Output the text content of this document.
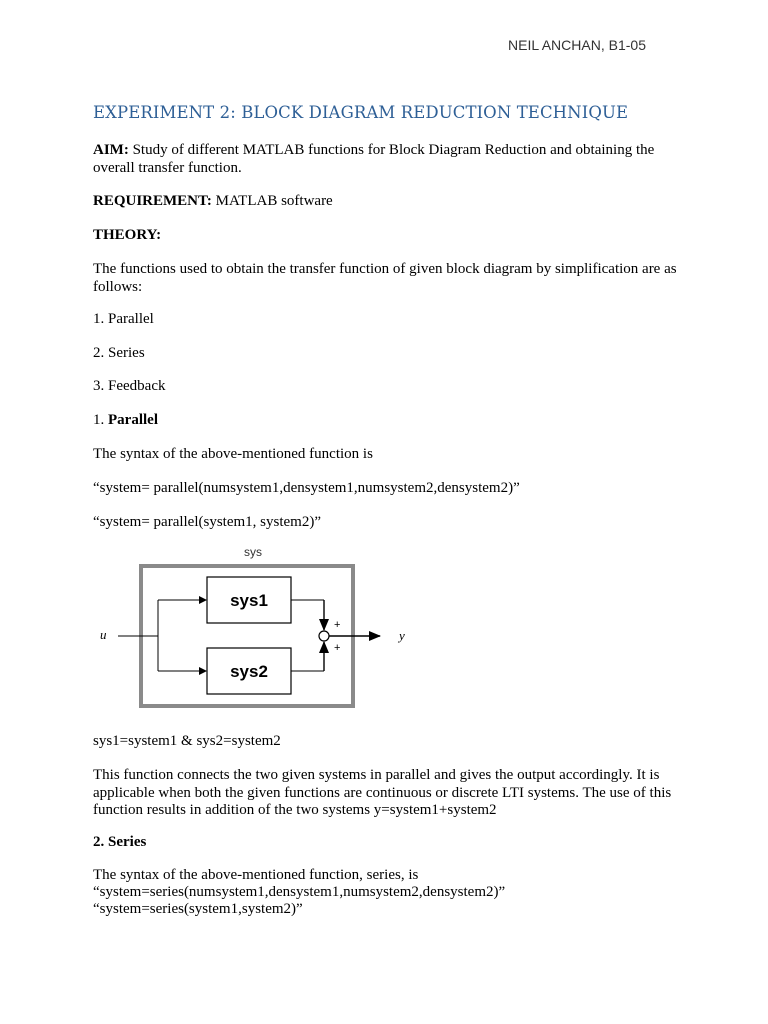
NEIL ANCHAN, B1-05
EXPERIMENT 2: BLOCK DIAGRAM REDUCTION TECHNIQUE
AIM: Study of different MATLAB functions for Block Diagram Reduction and obtaining the overall transfer function.
REQUIREMENT: MATLAB software
THEORY:
The functions used to obtain the transfer function of given block diagram by simplification are as follows:
1. Parallel
2. Series
3. Feedback
1. Parallel
The syntax of the above-mentioned function is
“system= parallel(numsystem1,densystem1,numsystem2,densystem2)”
“system= parallel(system1, system2)”
sys
sys1
sys2
+
+
u	y
sys1=system1 & sys2=system2
This function connects the two given systems in parallel and gives the output accordingly. It is applicable when both the given functions are continuous or discrete LTI systems. The use of this function results in addition of the two systems y=system1+system2
2. Series
The syntax of the above-mentioned function, series, is
“system=series(numsystem1,densystem1,numsystem2,densystem2)”
“system=series(system1,system2)”
